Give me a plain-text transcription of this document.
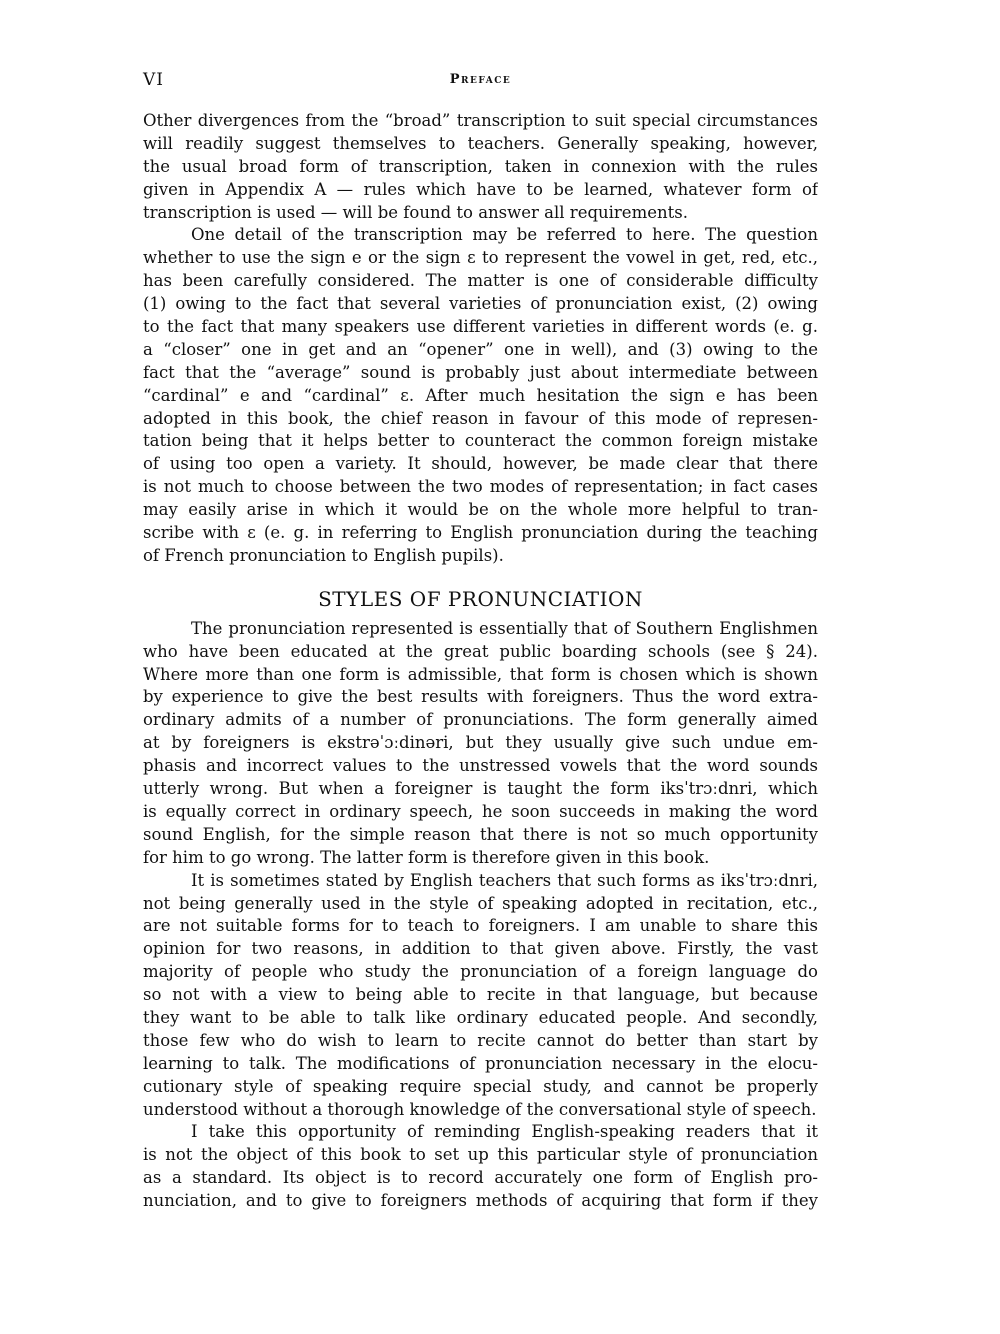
VI	Preface
Other divergences from the “broad” transcription to suit special circumstances
will readily suggest themselves to teachers. Generally speaking, however,
the usual broad form of transcription, taken in connexion with the rules
given in Appendix A — rules which have to be learned, whatever form of
transcription is used — will be found to answer all requirements.
One detail of the transcription may be referred to here. The question
whether to use the sign e or the sign ɛ to represent the vowel in get, red, etc.,
has been carefully considered. The matter is one of considerable difficulty
(1) owing to the fact that several varieties of pronunciation exist, (2) owing
to the fact that many speakers use different varieties in different words (e. g.
a “closer” one in get and an “opener” one in well), and (3) owing to the
fact that the “average” sound is probably just about intermediate between
“cardinal” e and “cardinal” ɛ. After much hesitation the sign e has been
adopted in this book, the chief reason in favour of this mode of represen-
tation being that it helps better to counteract the common foreign mistake
of using too open a variety. It should, however, be made clear that there
is not much to choose between the two modes of representation; in fact cases
may easily arise in which it would be on the whole more helpful to tran-
scribe with ɛ (e. g. in referring to English pronunciation during the teaching
of French pronunciation to English pupils).
STYLES OF PRONUNCIATION
The pronunciation represented is essentially that of Southern Englishmen
who have been educated at the great public boarding schools (see § 24).
Where more than one form is admissible, that form is chosen which is shown
by experience to give the best results with foreigners. Thus the word extra-
ordinary admits of a number of pronunciations. The form generally aimed
at by foreigners is ekstrəˈɔːdinəri, but they usually give such undue em-
phasis and incorrect values to the unstressed vowels that the word sounds
utterly wrong. But when a foreigner is taught the form iksˈtrɔːdnri, which
is equally correct in ordinary speech, he soon succeeds in making the word
sound English, for the simple reason that there is not so much opportunity
for him to go wrong. The latter form is therefore given in this book.
It is sometimes stated by English teachers that such forms as iksˈtrɔːdnri,
not being generally used in the style of speaking adopted in recitation, etc.,
are not suitable forms for to teach to foreigners. I am unable to share this
opinion for two reasons, in addition to that given above. Firstly, the vast
majority of people who study the pronunciation of a foreign language do
so not with a view to being able to recite in that language, but because
they want to be able to talk like ordinary educated people. And secondly,
those few who do wish to learn to recite cannot do better than start by
learning to talk. The modifications of pronunciation necessary in the elocu-
cutionary style of speaking require special study, and cannot be properly
understood without a thorough knowledge of the conversational style of speech.
I take this opportunity of reminding English-speaking readers that it
is not the object of this book to set up this particular style of pronunciation
as a standard. Its object is to record accurately one form of English pro-
nunciation, and to give to foreigners methods of acquiring that form if they
